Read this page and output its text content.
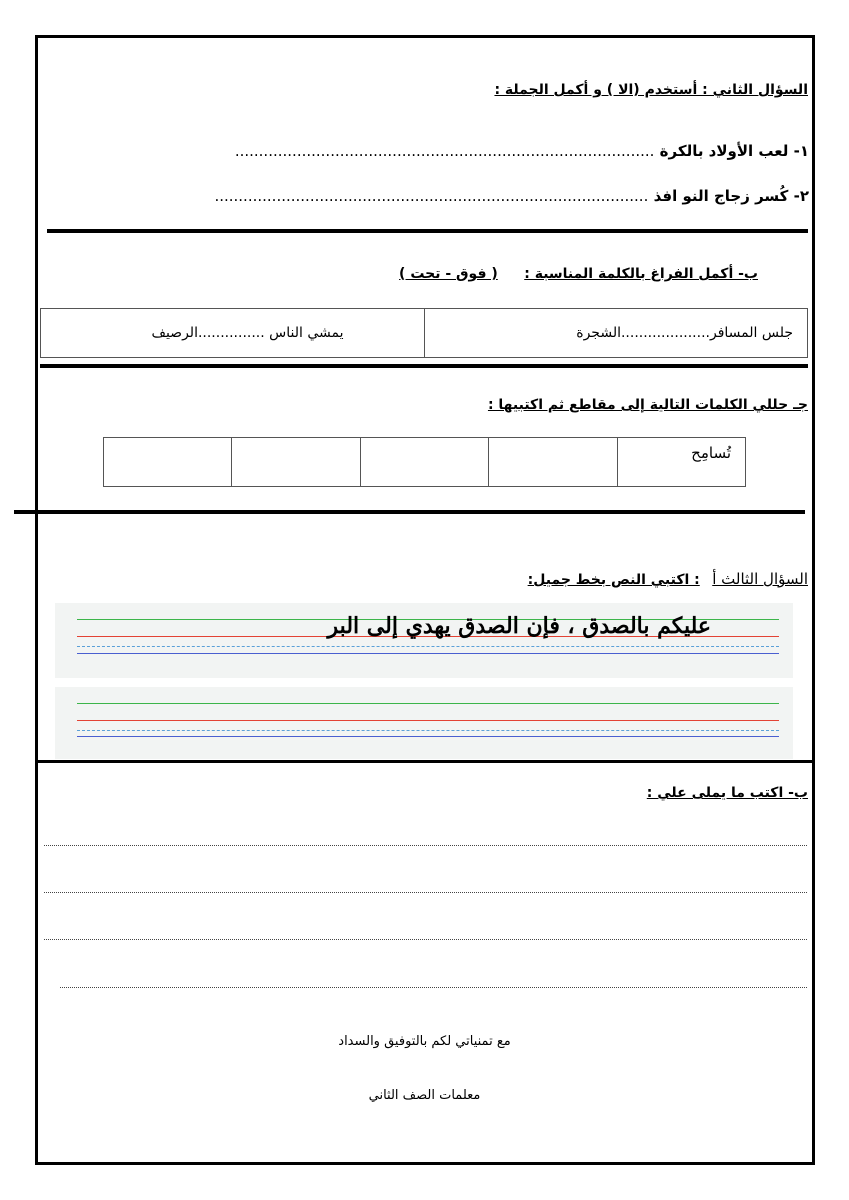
السؤال الثاني : أستخدم (الا ) و أكمل الجملة :
١- لعب الأولاد بالكرة ........................................................................................
٢- كُسر زجاج النو افذ ...........................................................................................
ب- أكمل الفراغ بالكلمة المناسبة : ( فوق - تحت )
جلس المسافر....................الشجرة	يمشي الناس ...............الرصيف
جـ حللي الكلمات التالية إلى مقاطع ثم اكتبيها :
تُسامِح				
السؤال الثالث أ : اكتبي النص بخط جميل:
عليكم بالصدق ، فإن الصدق يهدي إلى البر
ب- اكتب ما يملى علي :
مع تمنياتي لكم بالتوفيق والسداد
معلمات الصف الثاني
